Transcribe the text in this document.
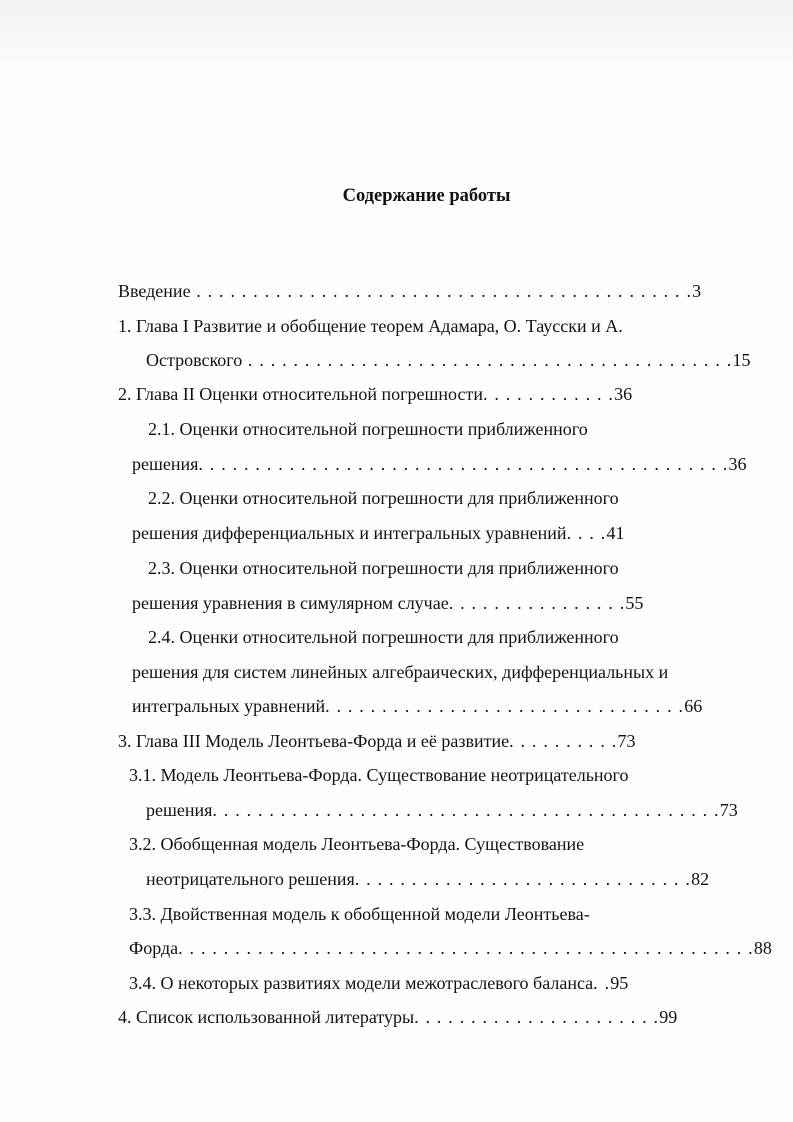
Содержание работы
Введение . . . . . . . . . . . . . . . . . . . . . . . . . . . . . . . . . . . . . . . . . . . .3
1. Глава I Развитие и обобщение теорем Адамара, О. Таусски и А.
Островского . . . . . . . . . . . . . . . . . . . . . . . . . . . . . . . . . . . . . . . . . . .15
2. Глава II Оценки относительной погрешности. . . . . . . . . . . .36
2.1. Оценки относительной погрешности приближенного
решения. . . . . . . . . . . . . . . . . . . . . . . . . . . . . . . . . . . . . . . . . . . . . . .36
2.2. Оценки относительной погрешности для приближенного
решения дифференциальных и интегральных уравнений. . . .41
2.3. Оценки относительной погрешности для приближенного
решения уравнения в симулярном случае. . . . . . . . . . . . . . . .55
2.4. Оценки относительной погрешности для приближенного
решения для систем линейных алгебраических, дифференциальных и
интегральных уравнений. . . . . . . . . . . . . . . . . . . . . . . . . . . . . . . .66
3. Глава III Модель Леонтьева-Форда и её развитие. . . . . . . . . .73
3.1. Модель Леонтьева-Форда. Существование неотрицательного
решения. . . . . . . . . . . . . . . . . . . . . . . . . . . . . . . . . . . . . . . . . . . . .73
3.2. Обобщенная модель Леонтьева-Форда. Существование
неотрицательного решения. . . . . . . . . . . . . . . . . . . . . . . . . . . . . .82
3.3. Двойственная модель к обобщенной модели Леонтьева-
Форда. . . . . . . . . . . . . . . . . . . . . . . . . . . . . . . . . . . . . . . . . . . . . . . . . . .88
3.4. О некоторых развитиях модели межотраслевого баланса. .95
4. Список использованной литературы. . . . . . . . . . . . . . . . . . . . . .99
